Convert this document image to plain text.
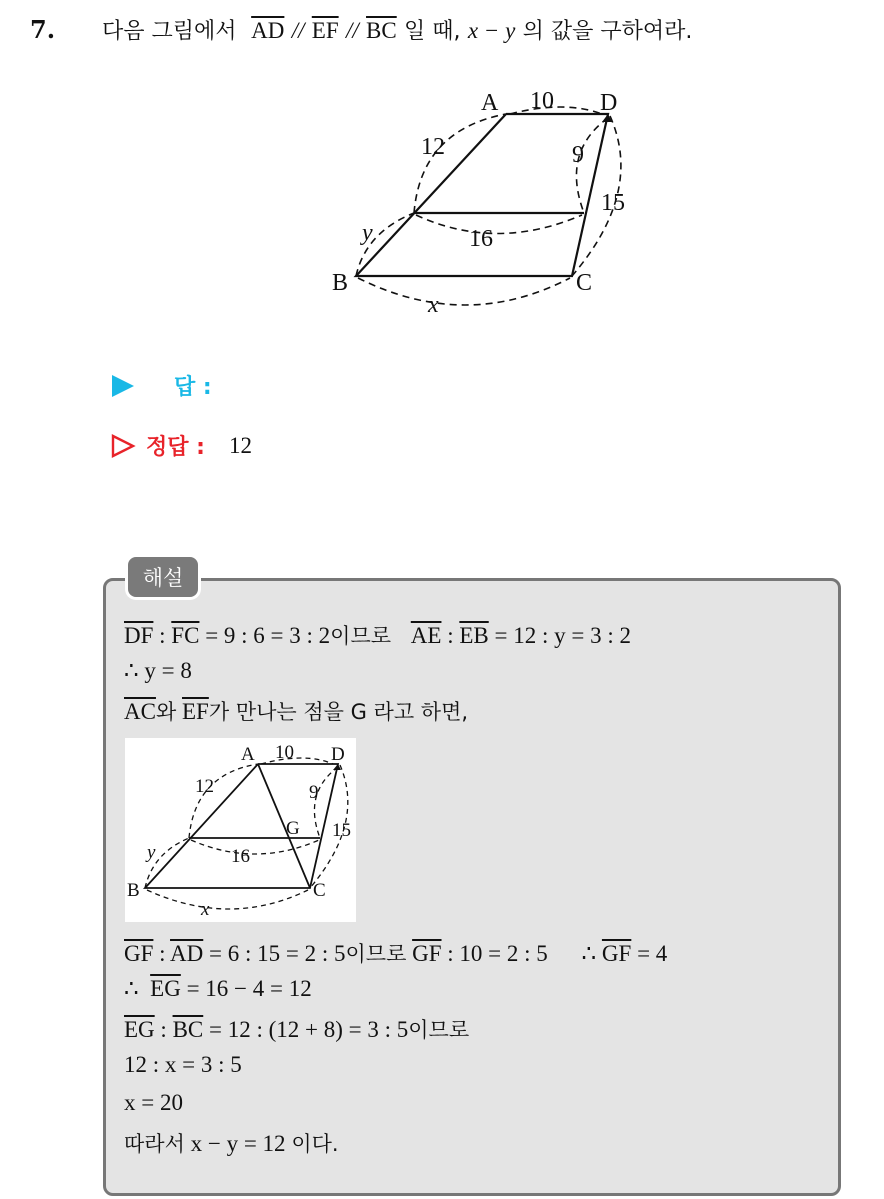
7. 다음 그림에서 $\overline{AD} // \overline{EF} // \overline{BC}$ 일 때, x − y 의 값을 구하여라.
A	D
B	C
10
12	9
15
16
y
x
답 :
정답 : 12
해설
$\overline{DF}$ : $\overline{FC} = 9$ : 6 = 3 : 2이므로 $\overline{AE}$ : $\overline{EB} = 12$ : y = 3 : 2
∴ y = 8
$\overline{AC}$와 $\overline{EF}$가 만나는 점을 G 라고 하면,
A	D
B	C
G
10
12	9
15
16
y
x
$\overline{GF}$ : $\overline{AD} = 6$ : 15 = 2 : 5이므로 $\overline{GF}$ : 10 = 2 : 5 ∴ $\overline{GF} = 4$
∴ $\overline{EG} = 16 - 4 = 12$
$\overline{EG}$ : $\overline{BC} = 12$ : (12 + 8) = 3 : 5이므로
12 : x = 3 : 5
x = 20
따라서 x − y = 12 이다.
